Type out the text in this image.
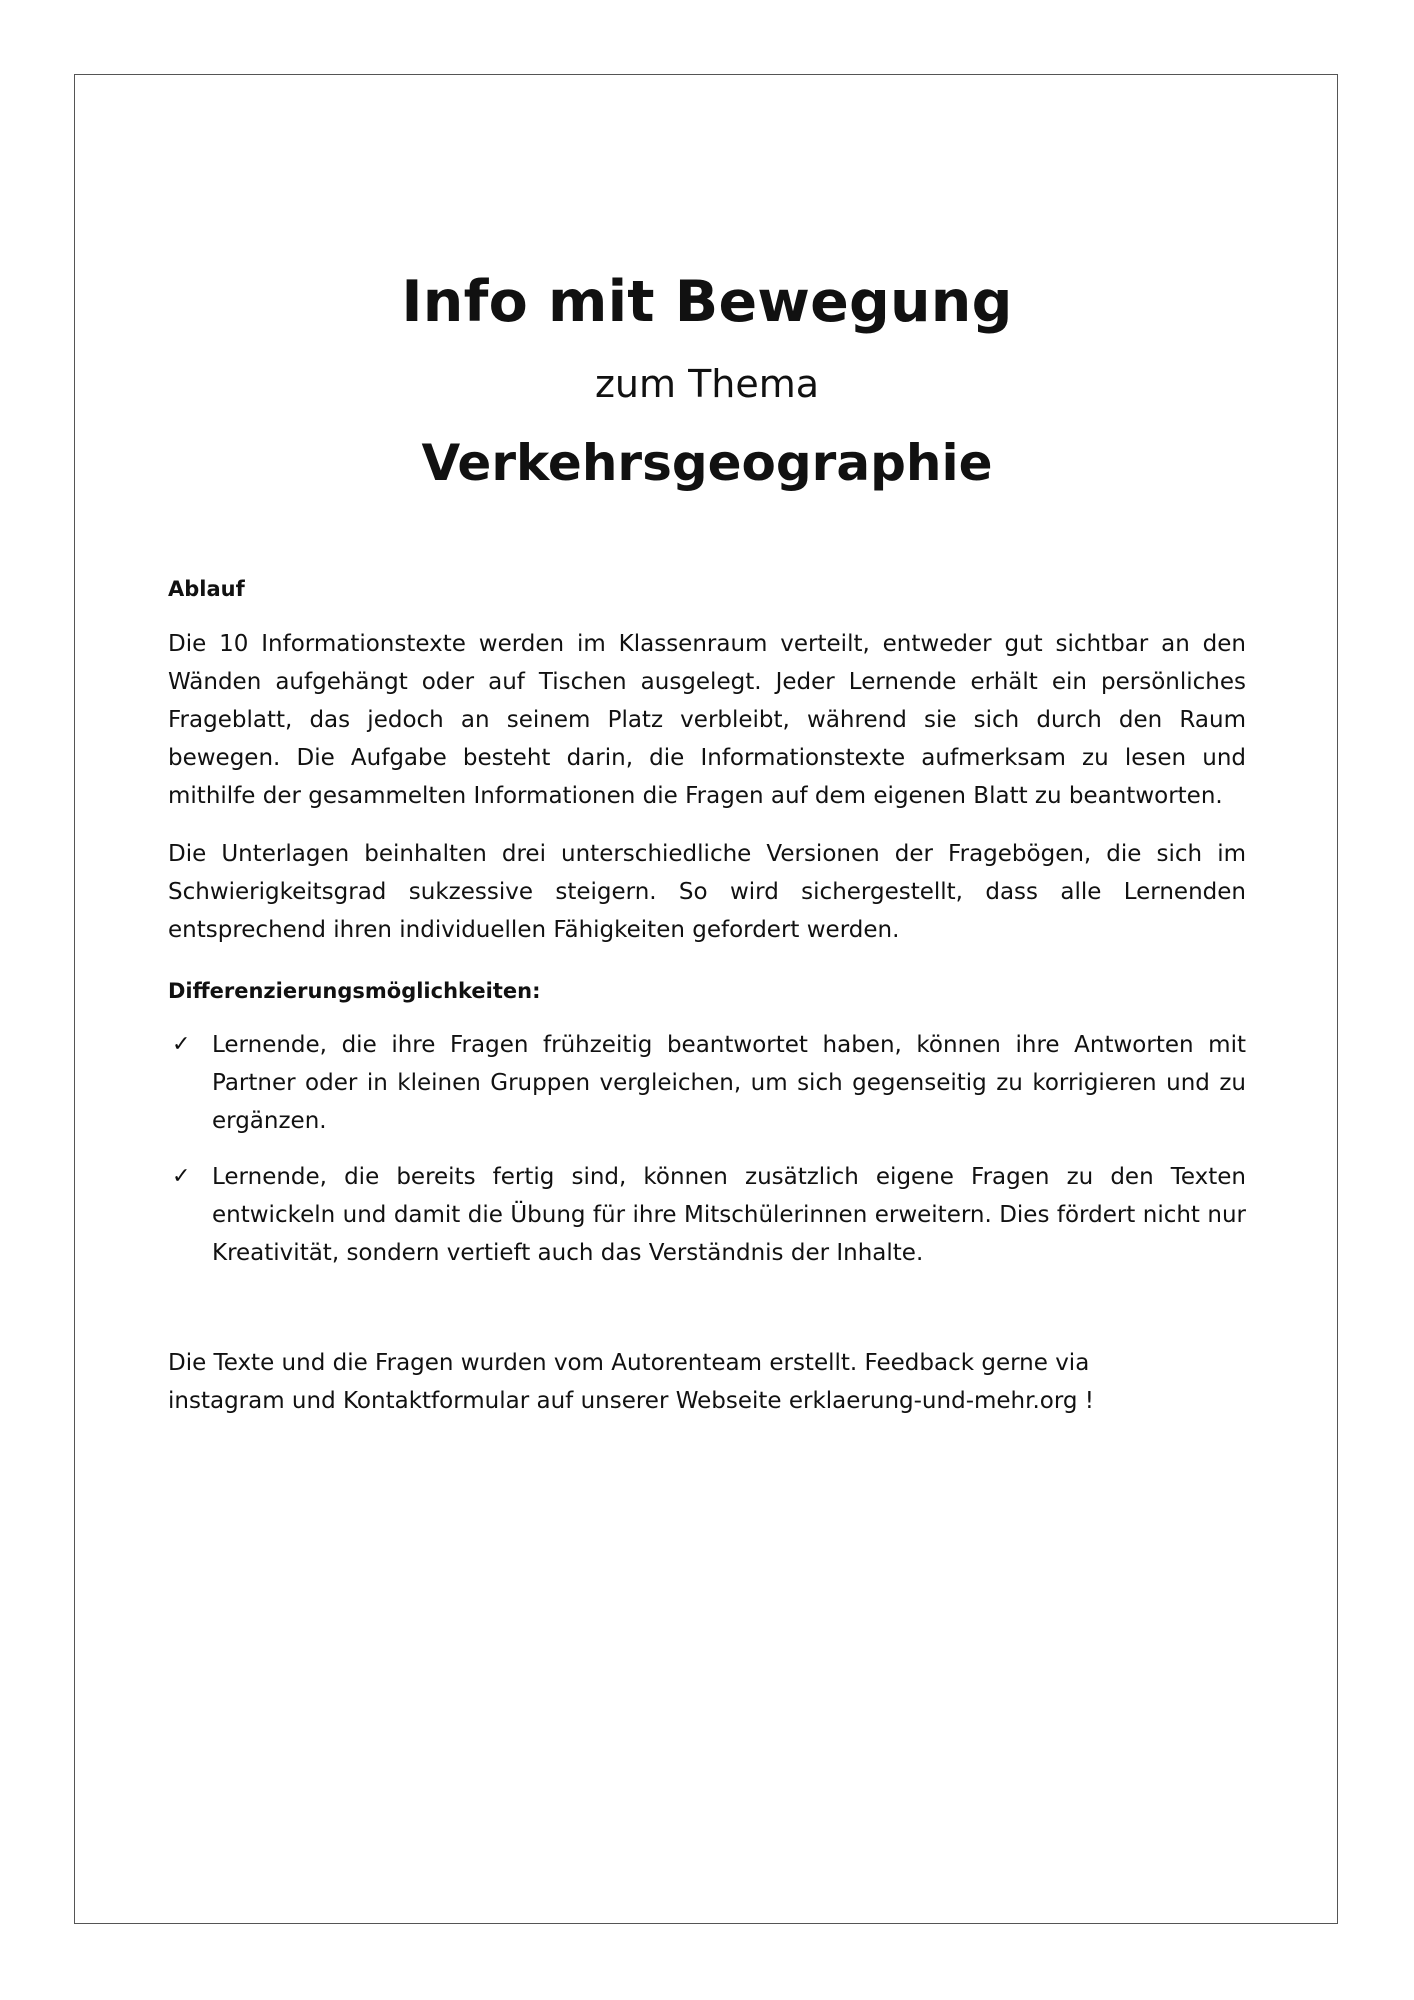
Info mit Bewegung
zum Thema
Verkehrsgeographie
Ablauf

Die 10 Informationstexte werden im Klassenraum verteilt, entweder gut sichtbar an den Wänden aufgehängt oder auf Tischen ausgelegt. Jeder Lernende erhält ein persönliches Frageblatt, das jedoch an seinem Platz verbleibt, während sie sich durch den Raum bewegen. Die Aufgabe besteht darin, die Informationstexte aufmerksam zu lesen und mithilfe der gesammelten Informationen die Fragen auf dem eigenen Blatt zu beantworten.

Die Unterlagen beinhalten drei unterschiedliche Versionen der Fragebögen, die sich im Schwierigkeitsgrad sukzessive steigern. So wird sichergestellt, dass alle Lernenden entsprechend ihren individuellen Fähigkeiten gefordert werden.

Differenzierungsmöglichkeiten:
✓ Lernende, die ihre Fragen frühzeitig beantwortet haben, können ihre Antworten mit Partner oder in kleinen Gruppen vergleichen, um sich gegenseitig zu korrigieren und zu ergänzen.
✓ Lernende, die bereits fertig sind, können zusätzlich eigene Fragen zu den Texten entwickeln und damit die Übung für ihre Mitschülerinnen erweitern. Dies fördert nicht nur Kreativität, sondern vertieft auch das Verständnis der Inhalte.
Die Texte und die Fragen wurden vom Autorenteam erstellt. Feedback gerne via
instagram und Kontaktformular auf unserer Webseite erklaerung-und-mehr.org !
